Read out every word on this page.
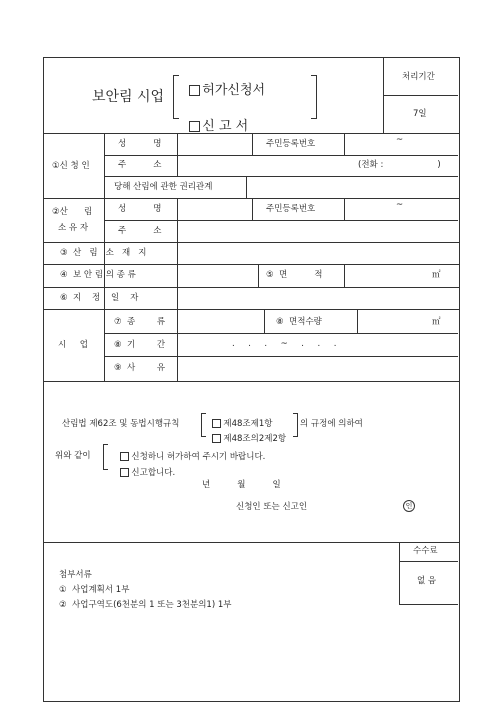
보안림 시업	허가신청서

신 고 서

처리기간
7일
①신 청 인
성          명	주민등록번호	~
주          소	(전화 :                    )
당해 산림에 관한 권리관계
②산      림
소 유 자
성          명	주민등록번호	~
주          소
③  산   림   소   재   지
④  보 안 림 의 종 류	⑤  면          적	㎡
⑥  지    정    일    자
시     업
⑦  종        류	⑧  면적수량	㎡
⑧  기        간	.     .     .     ~     .     .     .
⑨  사        유
산림법 제62조 및 동법시행규칙	제48조제1항

제48조의2제2항

의 규정에 의하여
위와 같이	신청하니 허가하여 주시기 바랍니다.

신고합니다.

년          월          일
신청인 또는 신고인	인
첨부서류
①  사업계획서 1부
②  사업구역도(6천분의 1 또는 3천분의1) 1부
수수료
없 음
